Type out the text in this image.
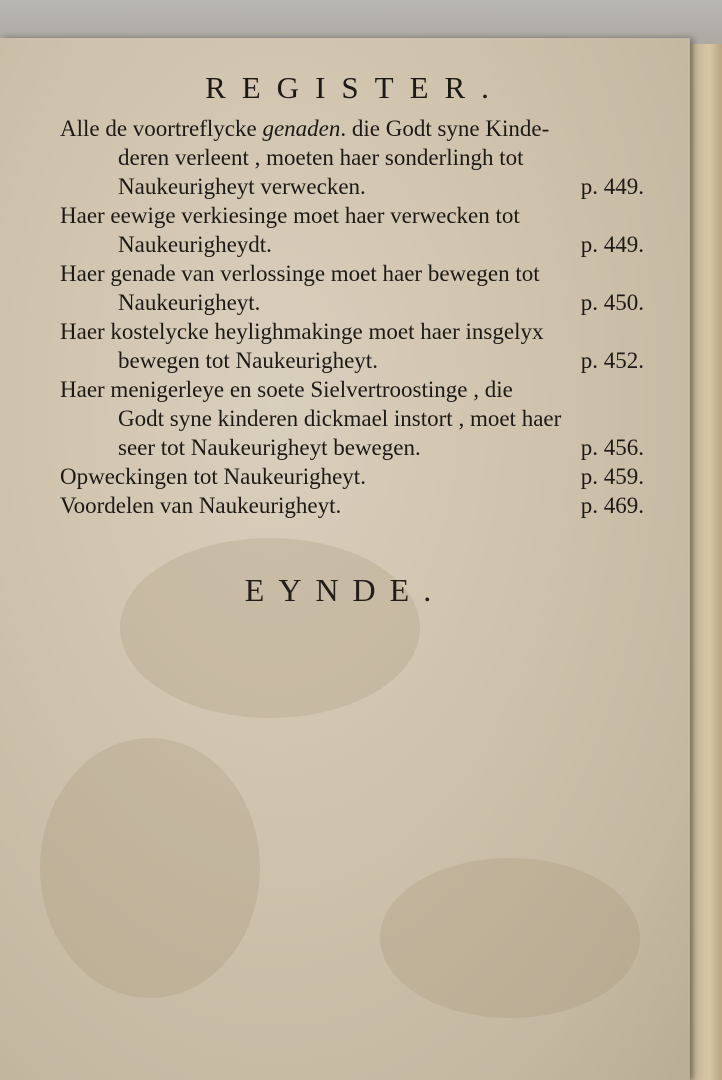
REGISTER.
Alle de voortreflycke genaden. die Godt syne Kinde-
deren verleent , moeten haer sonderlingh tot
Naukeurigheyt verwecken.	p. 449.
Haer eewige verkiesinge moet haer verwecken tot
Naukeurigheydt.	p. 449.
Haer genade van verlossinge moet haer bewegen tot
Naukeurigheyt.	p. 450.
Haer kostelycke heylighmakinge moet haer insgelyx
bewegen tot Naukeurigheyt.	p. 452.
Haer menigerleye en soete Sielvertroostinge , die
Godt syne kinderen dickmael instort , moet haer
seer tot Naukeurigheyt bewegen.	p. 456.
Opweckingen tot Naukeurigheyt.	p. 459.
Voordelen van Naukeurigheyt.	p. 469.
EYNDE.
